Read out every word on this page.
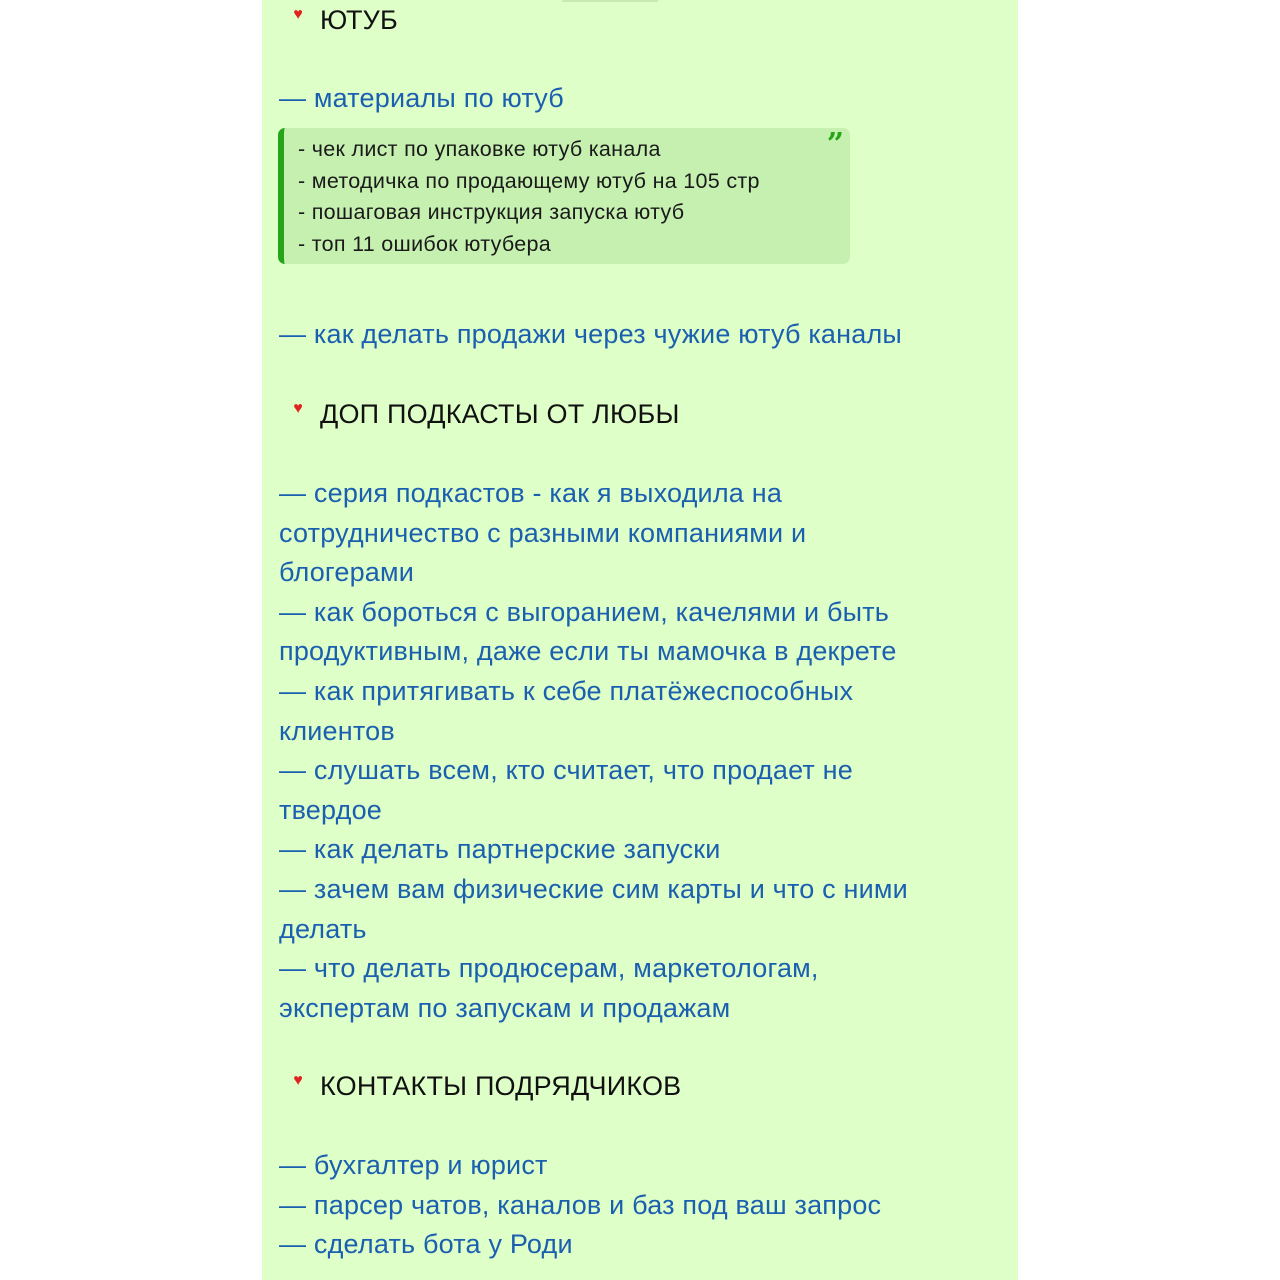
♥ ЮТУБ
— материалы по ютуб
”
- чек лист по упаковке ютуб канала
- методичка по продающему ютуб на 105 стр
- пошаговая инструкция запуска ютуб
- топ 11 ошибок ютубера
— как делать продажи через чужие ютуб каналы
♥ ДОП ПОДКАСТЫ ОТ ЛЮБЫ
— серия подкастов - как я выходила на
сотрудничество с разными компаниями и
блогерами
— как бороться с выгоранием, качелями и быть
продуктивным, даже если ты мамочка в декрете
— как притягивать к себе платёжеспособных
клиентов
— слушать всем, кто считает, что продает не
твердое
— как делать партнерские запуски
— зачем вам физические сим карты и что с ними
делать
— что делать продюсерам, маркетологам,
экспертам по запускам и продажам
♥ КОНТАКТЫ ПОДРЯДЧИКОВ
— бухгалтер и юрист
— парсер чатов, каналов и баз под ваш запрос
— сделать бота у Роди
